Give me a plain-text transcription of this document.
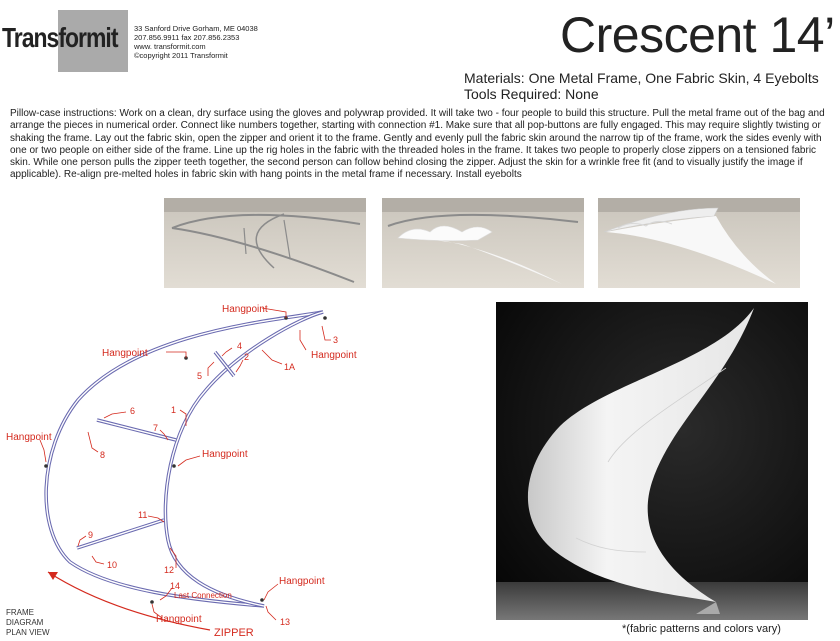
Transformit 33 Sanford Drive Gorham, ME 04038
207.856.9911 fax 207.856.2353
www. transformit.com
©copyright 2011 Transformit	Crescent 14’
Materials: One Metal Frame, One Fabric Skin, 4 Eyebolts
Tools Required: None
Pillow-case instructions: Work on a clean, dry surface using the gloves and polywrap provided. It will take two - four people to build this structure. Pull the metal frame out of the bag and arrange the pieces in numerical order. Connect like numbers together, starting with connection #1. Make sure that all pop-buttons are fully engaged. This may require slightly twisting or shaking the frame. Lay out the fabric skin, open the zipper and orient it to the frame. Gently and evenly pull the fabric skin around the narrow tip of the frame, work the sides evenly with one or two people on either side of the frame. Line up the rig holes in the fabric with the threaded holes in the frame. It takes two people to properly close zippers on a tensioned fabric skin. While one person pulls the zipper teeth together, the second person can follow behind closing the zipper. Adjust the skin for a wrinkle free fit (and to visually justify the image if applicable). Re-align pre-melted holes in fabric skin with hang points in the metal frame if necessary. Install eyebolts
Hangpoint
Hangpoint
Hangpoint
Hangpoint
Hangpoint
Hangpoint
Hangpoint
1
1A
2
3
4
5
6
7
8
9
10
11
12
13
14
Last Connection
ZIPPER
FRAME
DIAGRAM
PLAN VIEW	*(fabric patterns and colors vary)
